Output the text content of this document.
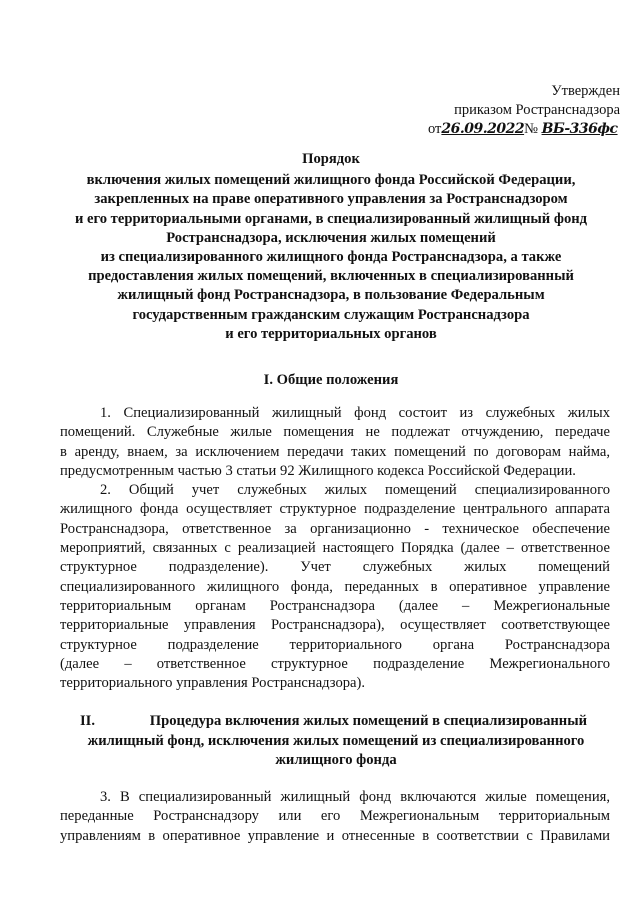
Утвержден
приказом Ространснадзора
от26.09.2022№ ВБ-336фс
Порядок
включения жилых помещений жилищного фонда Российской Федерации,
закрепленных на праве оперативного управления за Ространснадзором
и его территориальными органами, в специализированный жилищный фонд
Ространснадзора, исключения жилых помещений
из специализированного жилищного фонда Ространснадзора, а также
предоставления жилых помещений, включенных в специализированный
жилищный фонд Ространснадзора, в пользование Федеральным
государственным гражданским служащим Ространснадзора
и его территориальных органов
I. Общие положения
1. Специализированный жилищный фонд состоит из служебных жилых
помещений. Служебные жилые помещения не подлежат отчуждению, передаче
в аренду, внаем, за исключением передачи таких помещений по договорам найма,
предусмотренным частью 3 статьи 92 Жилищного кодекса Российской Федерации.
2. Общий учет служебных жилых помещений специализированного
жилищного фонда осуществляет структурное подразделение центрального аппарата
Ространснадзора, ответственное за организационно - техническое обеспечение
мероприятий, связанных с реализацией настоящего Порядка (далее – ответственное
структурное подразделение). Учет служебных жилых помещений
специализированного жилищного фонда, переданных в оперативное управление
территориальным органам Ространснадзора (далее – Межрегиональные
территориальные управления Ространснадзора), осуществляет соответствующее
структурное подразделение территориального органа Ространснадзора
(далее – ответственное структурное подразделение Межрегионального
территориального управления Ространснадзора).
II.	Процедура включения жилых помещений в специализированный
жилищный фонд, исключения жилых помещений из специализированного
жилищного фонда
3. В специализированный жилищный фонд включаются жилые помещения,
переданные Ространснадзору или его Межрегиональным территориальным
управлениям в оперативное управление и отнесенные в соответствии с Правилами
